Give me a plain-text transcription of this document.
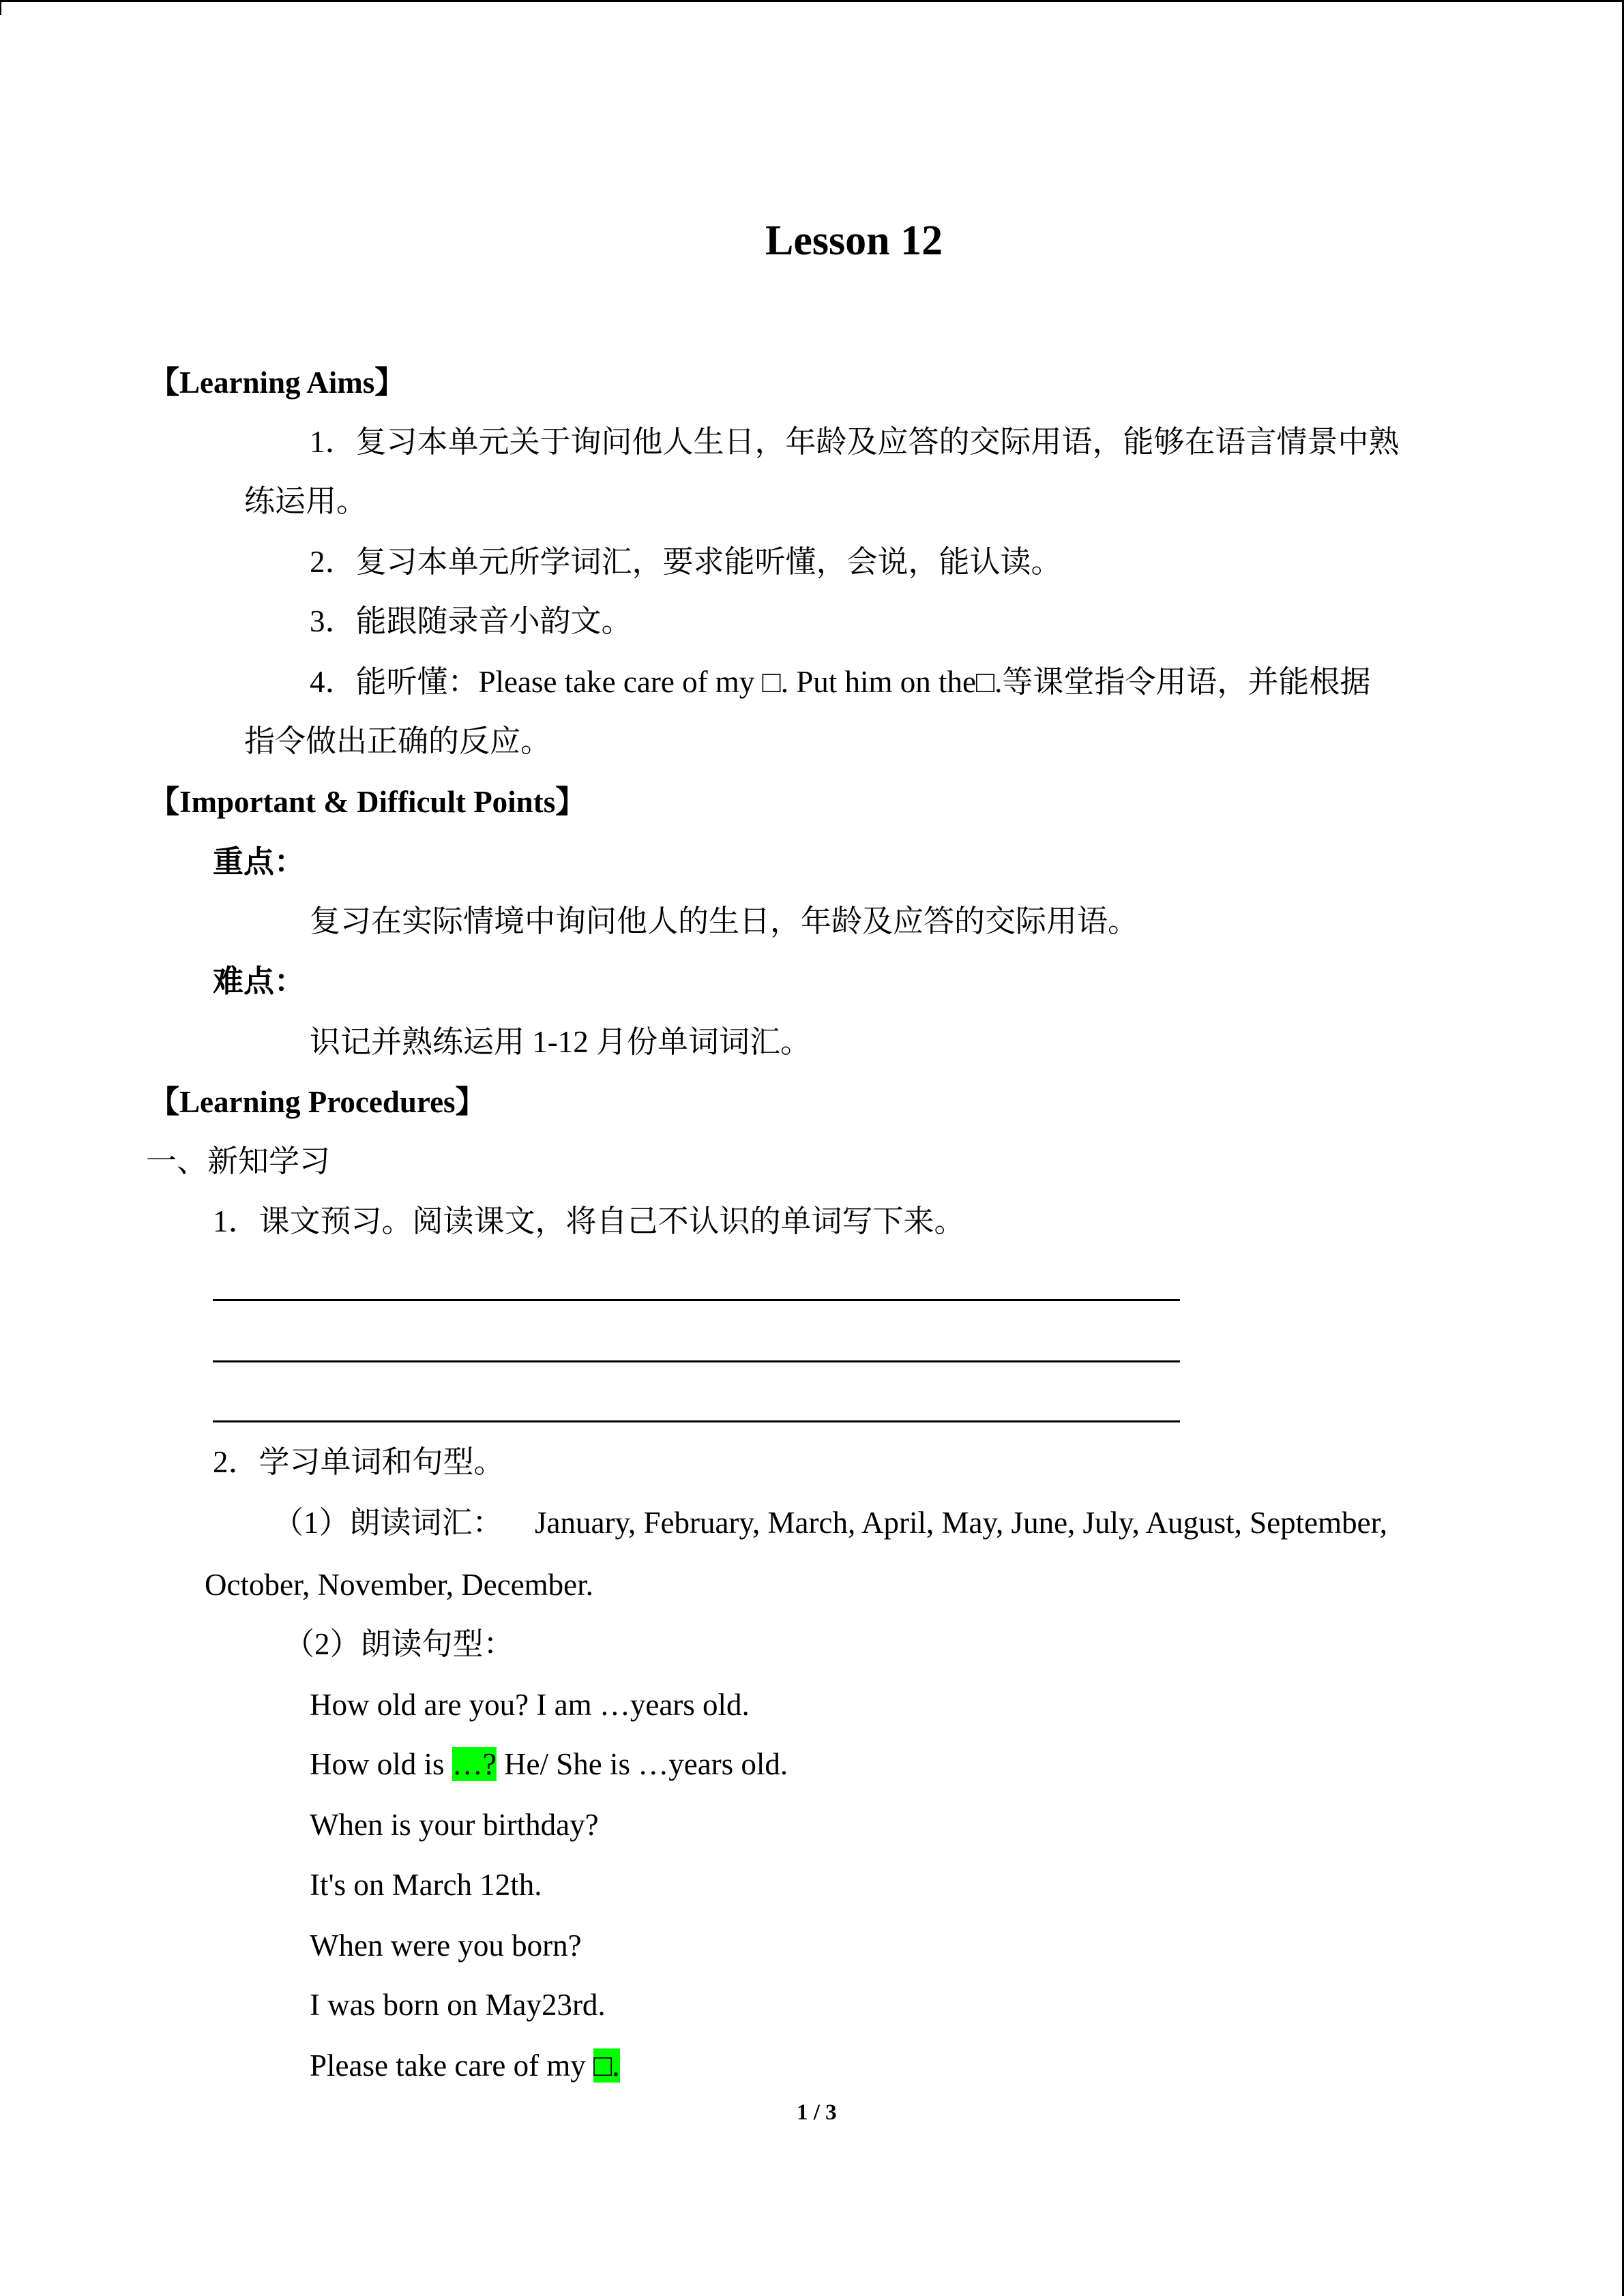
Lesson 12
【Learning Aims】
1．复习本单元关于询问他人生日，年龄及应答的交际用语，能够在语言情景中熟
练运用。
2．复习本单元所学词汇，要求能听懂，会说，能认读。
3．能跟随录音小韵文。
4．能听懂：Please take care of my □. Put him on the□.等课堂指令用语，并能根据
指令做出正确的反应。
【Important & Difficult Points】
重点：
复习在实际情境中询问他人的生日，年龄及应答的交际用语。
难点：
识记并熟练运用 1-12 月份单词词汇。
【Learning Procedures】
一、新知学习
1．课文预习。阅读课文，将自己不认识的单词写下来。
2．学习单词和句型。
（1）朗读词汇： January, February, March, April, May, June, July, August, September,
October, November, December.
（2）朗读句型：
How old are you? I am …years old.
How old is …? He/ She is …years old.
When is your birthday?
It's on March 12th.
When were you born?
I was born on May23rd.
Please take care of my □.
1 / 3
